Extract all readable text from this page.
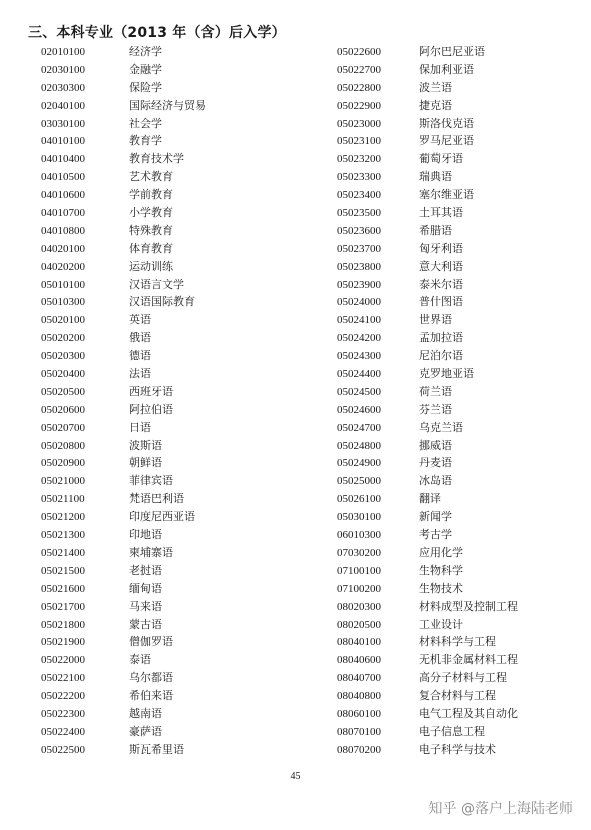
三、本科专业（2013 年（含）后入学）
02010100	经济学
02030100	金融学
02030300	保险学
02040100	国际经济与贸易
03030100	社会学
04010100	教育学
04010400	教育技术学
04010500	艺术教育
04010600	学前教育
04010700	小学教育
04010800	特殊教育
04020100	体育教育
04020200	运动训练
05010100	汉语言文学
05010300	汉语国际教育
05020100	英语
05020200	俄语
05020300	德语
05020400	法语
05020500	西班牙语
05020600	阿拉伯语
05020700	日语
05020800	波斯语
05020900	朝鲜语
05021000	菲律宾语
05021100	梵语巴利语
05021200	印度尼西亚语
05021300	印地语
05021400	柬埔寨语
05021500	老挝语
05021600	缅甸语
05021700	马来语
05021800	蒙古语
05021900	僧伽罗语
05022000	泰语
05022100	乌尔都语
05022200	希伯来语
05022300	越南语
05022400	豪萨语
05022500	斯瓦希里语
05022600	阿尔巴尼亚语
05022700	保加利亚语
05022800	波兰语
05022900	捷克语
05023000	斯洛伐克语
05023100	罗马尼亚语
05023200	葡萄牙语
05023300	瑞典语
05023400	塞尔维亚语
05023500	土耳其语
05023600	希腊语
05023700	匈牙利语
05023800	意大利语
05023900	泰米尔语
05024000	普什图语
05024100	世界语
05024200	孟加拉语
05024300	尼泊尔语
05024400	克罗地亚语
05024500	荷兰语
05024600	芬兰语
05024700	乌克兰语
05024800	挪威语
05024900	丹麦语
05025000	冰岛语
05026100	翻译
05030100	新闻学
06010300	考古学
07030200	应用化学
07100100	生物科学
07100200	生物技术
08020300	材料成型及控制工程
08020500	工业设计
08040100	材料科学与工程
08040600	无机非金属材料工程
08040700	高分子材料与工程
08040800	复合材料与工程
08060100	电气工程及其自动化
08070100	电子信息工程
08070200	电子科学与技术
45
知乎 @落户上海陆老师
